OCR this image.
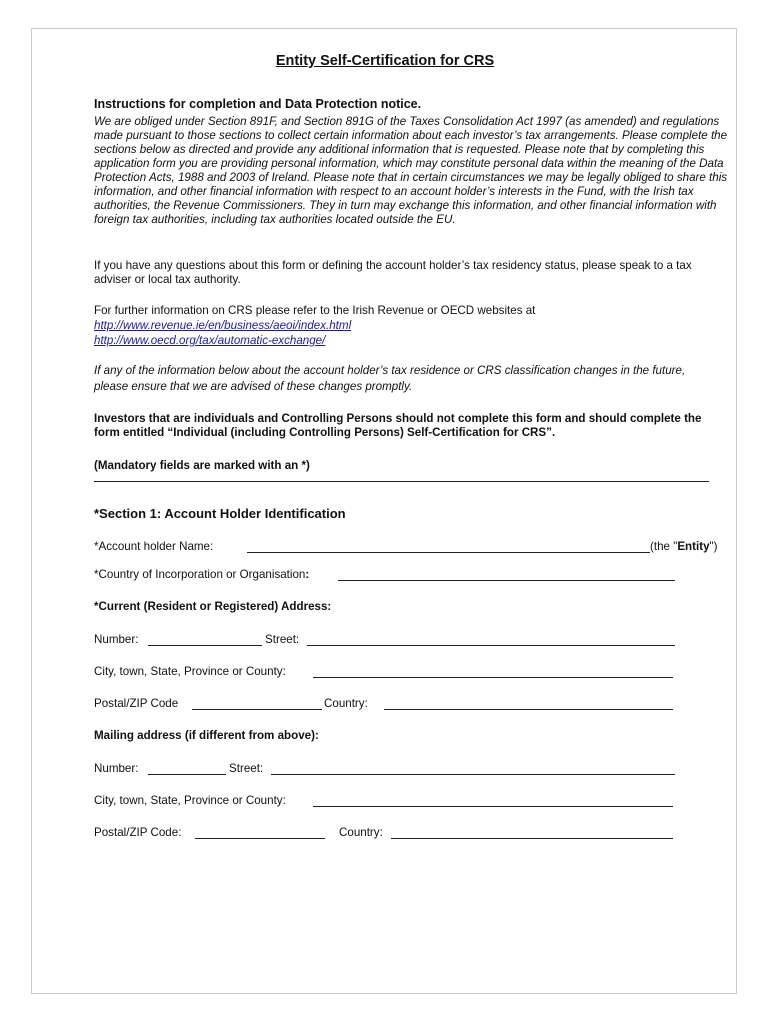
Entity Self-Certification for CRS
Instructions for completion and Data Protection notice.
We are obliged under Section 891F, and Section 891G of the Taxes Consolidation Act 1997 (as amended) and regulations made pursuant to those sections to collect certain information about each investor’s tax arrangements. Please complete the sections below as directed and provide any additional information that is requested. Please note that by completing this application form you are providing personal information, which may constitute personal data within the meaning of the Data Protection Acts, 1988 and 2003 of Ireland. Please note that in certain circumstances we may be legally obliged to share this information, and other financial information with respect to an account holder’s interests in the Fund, with the Irish tax authorities, the Revenue Commissioners. They in turn may exchange this information, and other financial information with foreign tax authorities, including tax authorities located outside the EU.
If you have any questions about this form or defining the account holder’s tax residency status, please speak to a tax adviser or local tax authority.
For further information on CRS please refer to the Irish Revenue or OECD websites at
http://www.revenue.ie/en/business/aeoi/index.html
http://www.oecd.org/tax/automatic-exchange/
If any of the information below about the account holder’s tax residence or CRS classification changes in the future, please ensure that we are advised of these changes promptly.
Investors that are individuals and Controlling Persons should not complete this form and should complete the form entitled “Individual (including Controlling Persons) Self-Certification for CRS”.
(Mandatory fields are marked with an *)
*Section 1: Account Holder Identification
*Account holder Name:	(the "Entity")
*Country of Incorporation or Organisation:
*Current (Resident or Registered) Address:
Number:	Street:
City, town, State, Province or County:
Postal/ZIP Code	Country:
Mailing address (if different from above):
Number:	Street:
City, town, State, Province or County:
Postal/ZIP Code:	Country:
